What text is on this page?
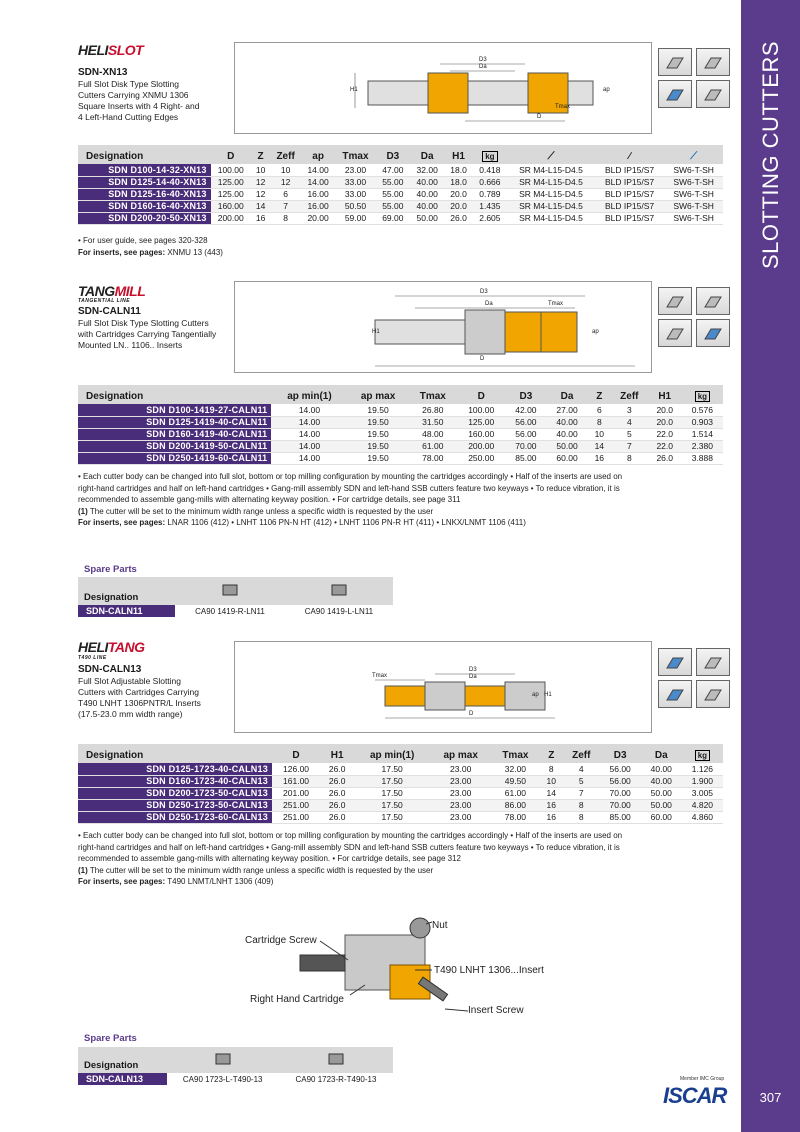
SLOTTING CUTTERS
307
HELISLOT
SDN-XN13
Full Slot Disk Type Slotting
Cutters Carrying XNMU 1306
Square Inserts with 4 Right- and
4 Left-Hand Cutting Edges
D3
Da
H1	ap
Tmax
D
Designation	D	Z	Zeff	ap	Tmax	D3	Da	H1	kg	⟋	∕	⟋
SDN D100-14-32-XN13	100.00	10	10	14.00	23.00	47.00	32.00	18.0	0.418	SR M4-L15-D4.5	BLD IP15/S7	SW6-T-SH
SDN D125-14-40-XN13	125.00	12	12	14.00	33.00	55.00	40.00	18.0	0.666	SR M4-L15-D4.5	BLD IP15/S7	SW6-T-SH
SDN D125-16-40-XN13	125.00	12	6	16.00	33.00	55.00	40.00	20.0	0.789	SR M4-L15-D4.5	BLD IP15/S7	SW6-T-SH
SDN D160-16-40-XN13	160.00	14	7	16.00	50.50	55.00	40.00	20.0	1.435	SR M4-L15-D4.5	BLD IP15/S7	SW6-T-SH
SDN D200-20-50-XN13	200.00	16	8	20.00	59.00	69.00	50.00	26.0	2.605	SR M4-L15-D4.5	BLD IP15/S7	SW6-T-SH
• For user guide, see pages 320-328
For inserts, see pages: XNMU 13 (443)
TANGMILL
TANGENTIAL LINE
SDN-CALN11
Full Slot Disk Type Slotting Cutters
with Cartridges Carrying Tangentially
Mounted LN.. 1106.. Inserts
D3
Da	Tmax
H1	ap
D
Designation	ap min(1)	ap max	Tmax	D	D3	Da	Z	Zeff	H1	kg
SDN D100-1419-27-CALN11	14.00	19.50	26.80	100.00	42.00	27.00	6	3	20.0	0.576
SDN D125-1419-40-CALN11	14.00	19.50	31.50	125.00	56.00	40.00	8	4	20.0	0.903
SDN D160-1419-40-CALN11	14.00	19.50	48.00	160.00	56.00	40.00	10	5	22.0	1.514
SDN D200-1419-50-CALN11	14.00	19.50	61.00	200.00	70.00	50.00	14	7	22.0	2.380
SDN D250-1419-60-CALN11	14.00	19.50	78.00	250.00	85.00	60.00	16	8	26.0	3.888
• Each cutter body can be changed into full slot, bottom or top milling configuration by mounting the cartridges accordingly • Half of the inserts are used on
right-hand cartridges and half on left-hand cartridges • Gang-mill assembly SDN and left-hand SSB cutters feature two keyways • To reduce vibration, it is
recommended to assemble gang-mills with alternating keyway position. • For cartridge details, see page 311
(1) The cutter will be set to the minimum width range unless a specific width is requested by the user
For inserts, see pages: LNAR 1106 (412) • LNHT 1106 PN-N HT (412) • LNHT 1106 PN-R HT (411) • LNKX/LNMT 1106 (411)
Spare Parts
Designation		
SDN-CALN11	CA90 1419-R-LN11	CA90 1419-L-LN11
HELITANG
T490 LINE
SDN-CALN13
Full Slot Adjustable Slotting
Cutters with Cartridges Carrying
T490 LNHT 1306PNTR/L Inserts
(17.5-23.0 mm width range)
D3
Da
Tmax
ap H1
D
Designation	D	H1	ap min(1)	ap max	Tmax	Z	Zeff	D3	Da	kg
SDN D125-1723-40-CALN13	126.00	26.0	17.50	23.00	32.00	8	4	56.00	40.00	1.126
SDN D160-1723-40-CALN13	161.00	26.0	17.50	23.00	49.50	10	5	56.00	40.00	1.900
SDN D200-1723-50-CALN13	201.00	26.0	17.50	23.00	61.00	14	7	70.00	50.00	3.005
SDN D250-1723-50-CALN13	251.00	26.0	17.50	23.00	86.00	16	8	70.00	50.00	4.820
SDN D250-1723-60-CALN13	251.00	26.0	17.50	23.00	78.00	16	8	85.00	60.00	4.860
• Each cutter body can be changed into full slot, bottom or top milling configuration by mounting the cartridges accordingly • Half of the inserts are used on
right-hand cartridges and half on left-hand cartridges • Gang-mill assembly SDN and left-hand SSB cutters feature two keyways • To reduce vibration, it is
recommended to assemble gang-mills with alternating keyway position. • For cartridge details, see page 312
(1) The cutter will be set to the minimum width range unless a specific width is requested by the user
For inserts, see pages: T490 LNMT/LNHT 1306 (409)
Nut
Cartridge Screw
T490 LNHT 1306...Insert
Right Hand Cartridge
Insert Screw
Spare Parts
Designation		
SDN-CALN13	CA90 1723-L-T490-13	CA90 1723-R-T490-13	Member IMC Group
ISCAR
